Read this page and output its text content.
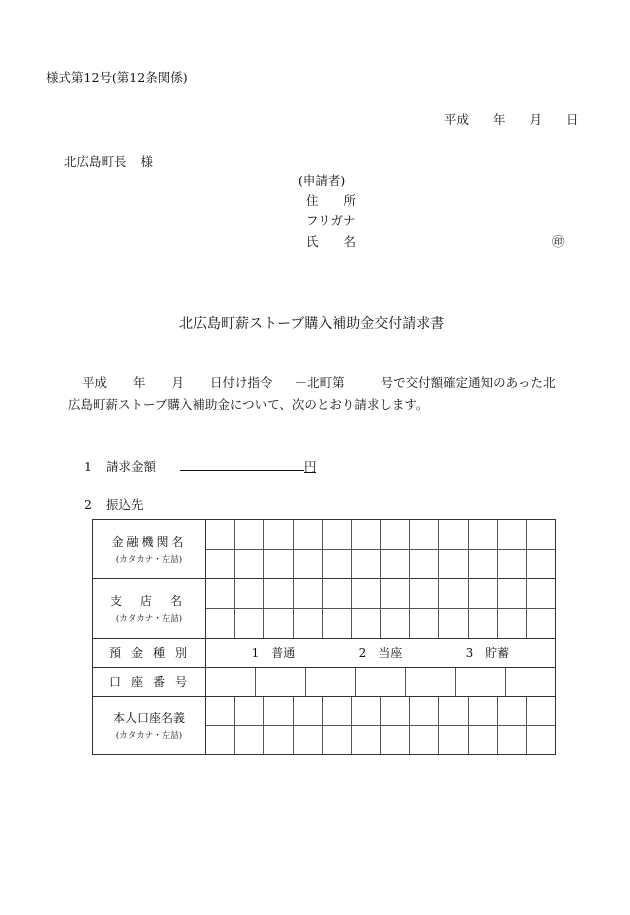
様式第12号(第12条関係)
平成 年 月 日
北広島町長 様
(申請者)
住　　所
フリガナ
氏　　名	㊞
北広島町薪ストーブ購入補助金交付請求書
平成 年 月 日付け指令 －北町第	号で交付額確定通知のあった北
広島町薪ストーブ購入補助金について、次のとおり請求します。
1 請求金額	円
2 振込先
金融機関名
(カタカナ・左詰)	

支店名
(カタカナ・左詰)	

預金種別	1　普通 2　当座 3　貯蓄

口座番号	

本人口座名義
(カタカナ・左詰)	
